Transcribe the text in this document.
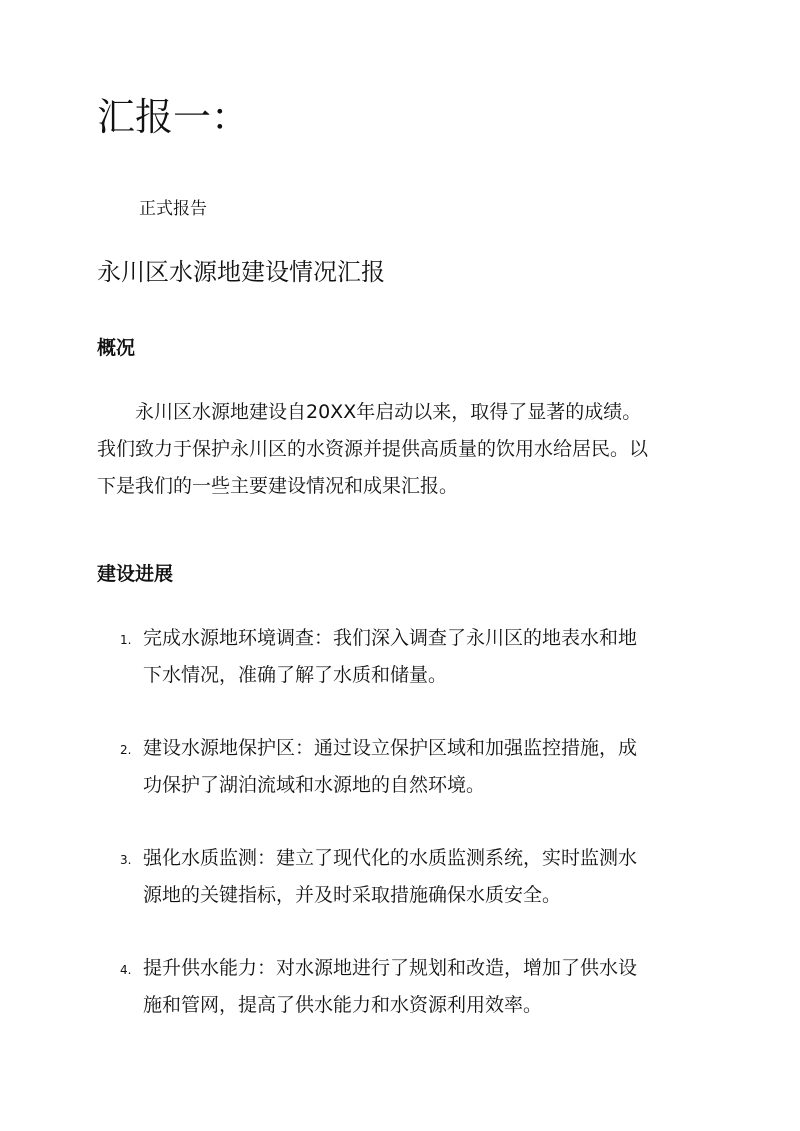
汇报一：
正式报告
永川区水源地建设情况汇报
概况

　　永川区水源地建设自20XX年启动以来，取得了显著的成绩。
我们致力于保护永川区的水资源并提供高质量的饮用水给居民。以
下是我们的一些主要建设情况和成果汇报。

建设进展
1. 完成水源地环境调查：我们深入调查了永川区的地表水和地
下水情况，准确了解了水质和储量。
2. 建设水源地保护区：通过设立保护区域和加强监控措施，成
功保护了湖泊流域和水源地的自然环境。
3. 强化水质监测：建立了现代化的水质监测系统，实时监测水
源地的关键指标，并及时采取措施确保水质安全。
4. 提升供水能力：对水源地进行了规划和改造，增加了供水设
施和管网，提高了供水能力和水资源利用效率。
